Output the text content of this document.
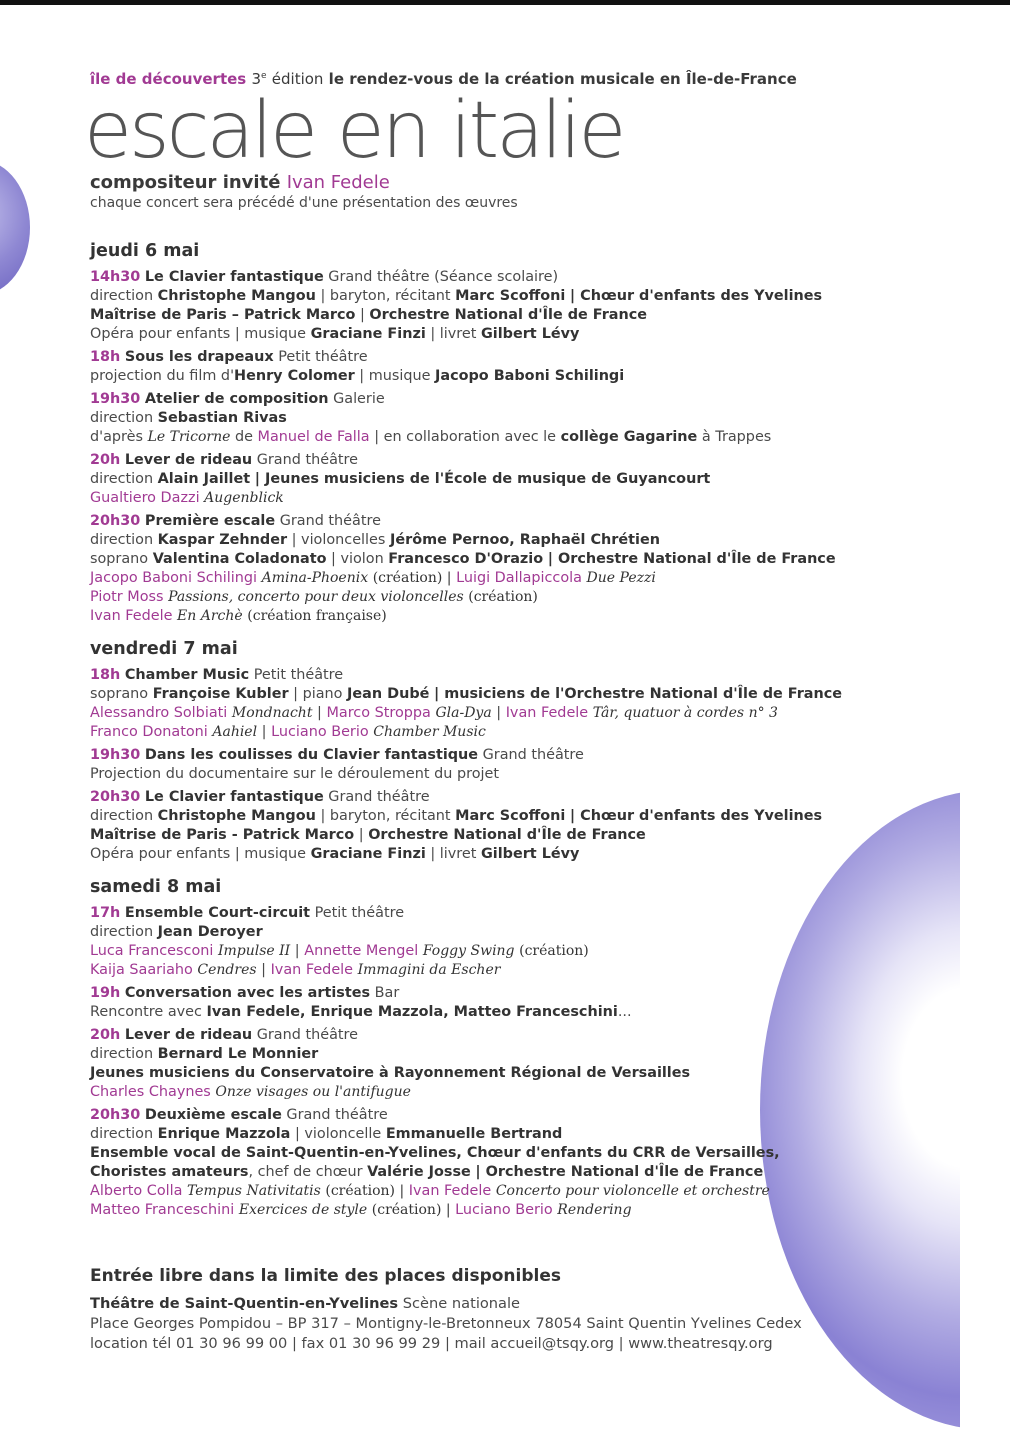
île de découvertes 3e édition le rendez-vous de la création musicale en Île-de-France
escale en italie
compositeur invité Ivan Fedele
chaque concert sera précédé d'une présentation des œuvres
jeudi 6 mai
14h30 Le Clavier fantastique Grand théâtre (Séance scolaire)
direction Christophe Mangou | baryton, récitant Marc Scoffoni | Chœur d'enfants des Yvelines
Maîtrise de Paris – Patrick Marco | Orchestre National d'Île de France
Opéra pour enfants | musique Graciane Finzi | livret Gilbert Lévy
18h Sous les drapeaux Petit théâtre
projection du film d'Henry Colomer | musique Jacopo Baboni Schilingi
19h30 Atelier de composition Galerie
direction Sebastian Rivas
d'après Le Tricorne de Manuel de Falla | en collaboration avec le collège Gagarine à Trappes
20h Lever de rideau Grand théâtre
direction Alain Jaillet | Jeunes musiciens de l'École de musique de Guyancourt
Gualtiero Dazzi Augenblick
20h30 Première escale Grand théâtre
direction Kaspar Zehnder | violoncelles Jérôme Pernoo, Raphaël Chrétien
soprano Valentina Coladonato | violon Francesco D'Orazio | Orchestre National d'Île de France
Jacopo Baboni Schilingi Amina-Phoenix (création) | Luigi Dallapiccola Due Pezzi
Piotr Moss Passions, concerto pour deux violoncelles (création)
Ivan Fedele En Archè (création française)
vendredi 7 mai
18h Chamber Music Petit théâtre
soprano Françoise Kubler | piano Jean Dubé | musiciens de l'Orchestre National d'Île de France
Alessandro Solbiati Mondnacht | Marco Stroppa Gla-Dya | Ivan Fedele Târ, quatuor à cordes n° 3
Franco Donatoni Aahiel | Luciano Berio Chamber Music
19h30 Dans les coulisses du Clavier fantastique Grand théâtre
Projection du documentaire sur le déroulement du projet
20h30 Le Clavier fantastique Grand théâtre
direction Christophe Mangou | baryton, récitant Marc Scoffoni | Chœur d'enfants des Yvelines
Maîtrise de Paris - Patrick Marco | Orchestre National d'Île de France
Opéra pour enfants | musique Graciane Finzi | livret Gilbert Lévy
samedi 8 mai
17h Ensemble Court-circuit Petit théâtre
direction Jean Deroyer
Luca Francesconi Impulse II | Annette Mengel Foggy Swing (création)
Kaija Saariaho Cendres | Ivan Fedele Immagini da Escher
19h Conversation avec les artistes Bar
Rencontre avec Ivan Fedele, Enrique Mazzola, Matteo Franceschini...
20h Lever de rideau Grand théâtre
direction Bernard Le Monnier
Jeunes musiciens du Conservatoire à Rayonnement Régional de Versailles
Charles Chaynes Onze visages ou l'antifugue
20h30 Deuxième escale Grand théâtre
direction Enrique Mazzola | violoncelle Emmanuelle Bertrand
Ensemble vocal de Saint-Quentin-en-Yvelines, Chœur d'enfants du CRR de Versailles,
Choristes amateurs, chef de chœur Valérie Josse | Orchestre National d'Île de France
Alberto Colla Tempus Nativitatis (création) | Ivan Fedele Concerto pour violoncelle et orchestre
Matteo Franceschini Exercices de style (création) | Luciano Berio Rendering
Entrée libre dans la limite des places disponibles
Théâtre de Saint-Quentin-en-Yvelines Scène nationale
Place Georges Pompidou – BP 317 – Montigny-le-Bretonneux 78054 Saint Quentin Yvelines Cedex
location tél 01 30 96 99 00 | fax 01 30 96 99 29 | mail accueil@tsqy.org | www.theatresqy.org
